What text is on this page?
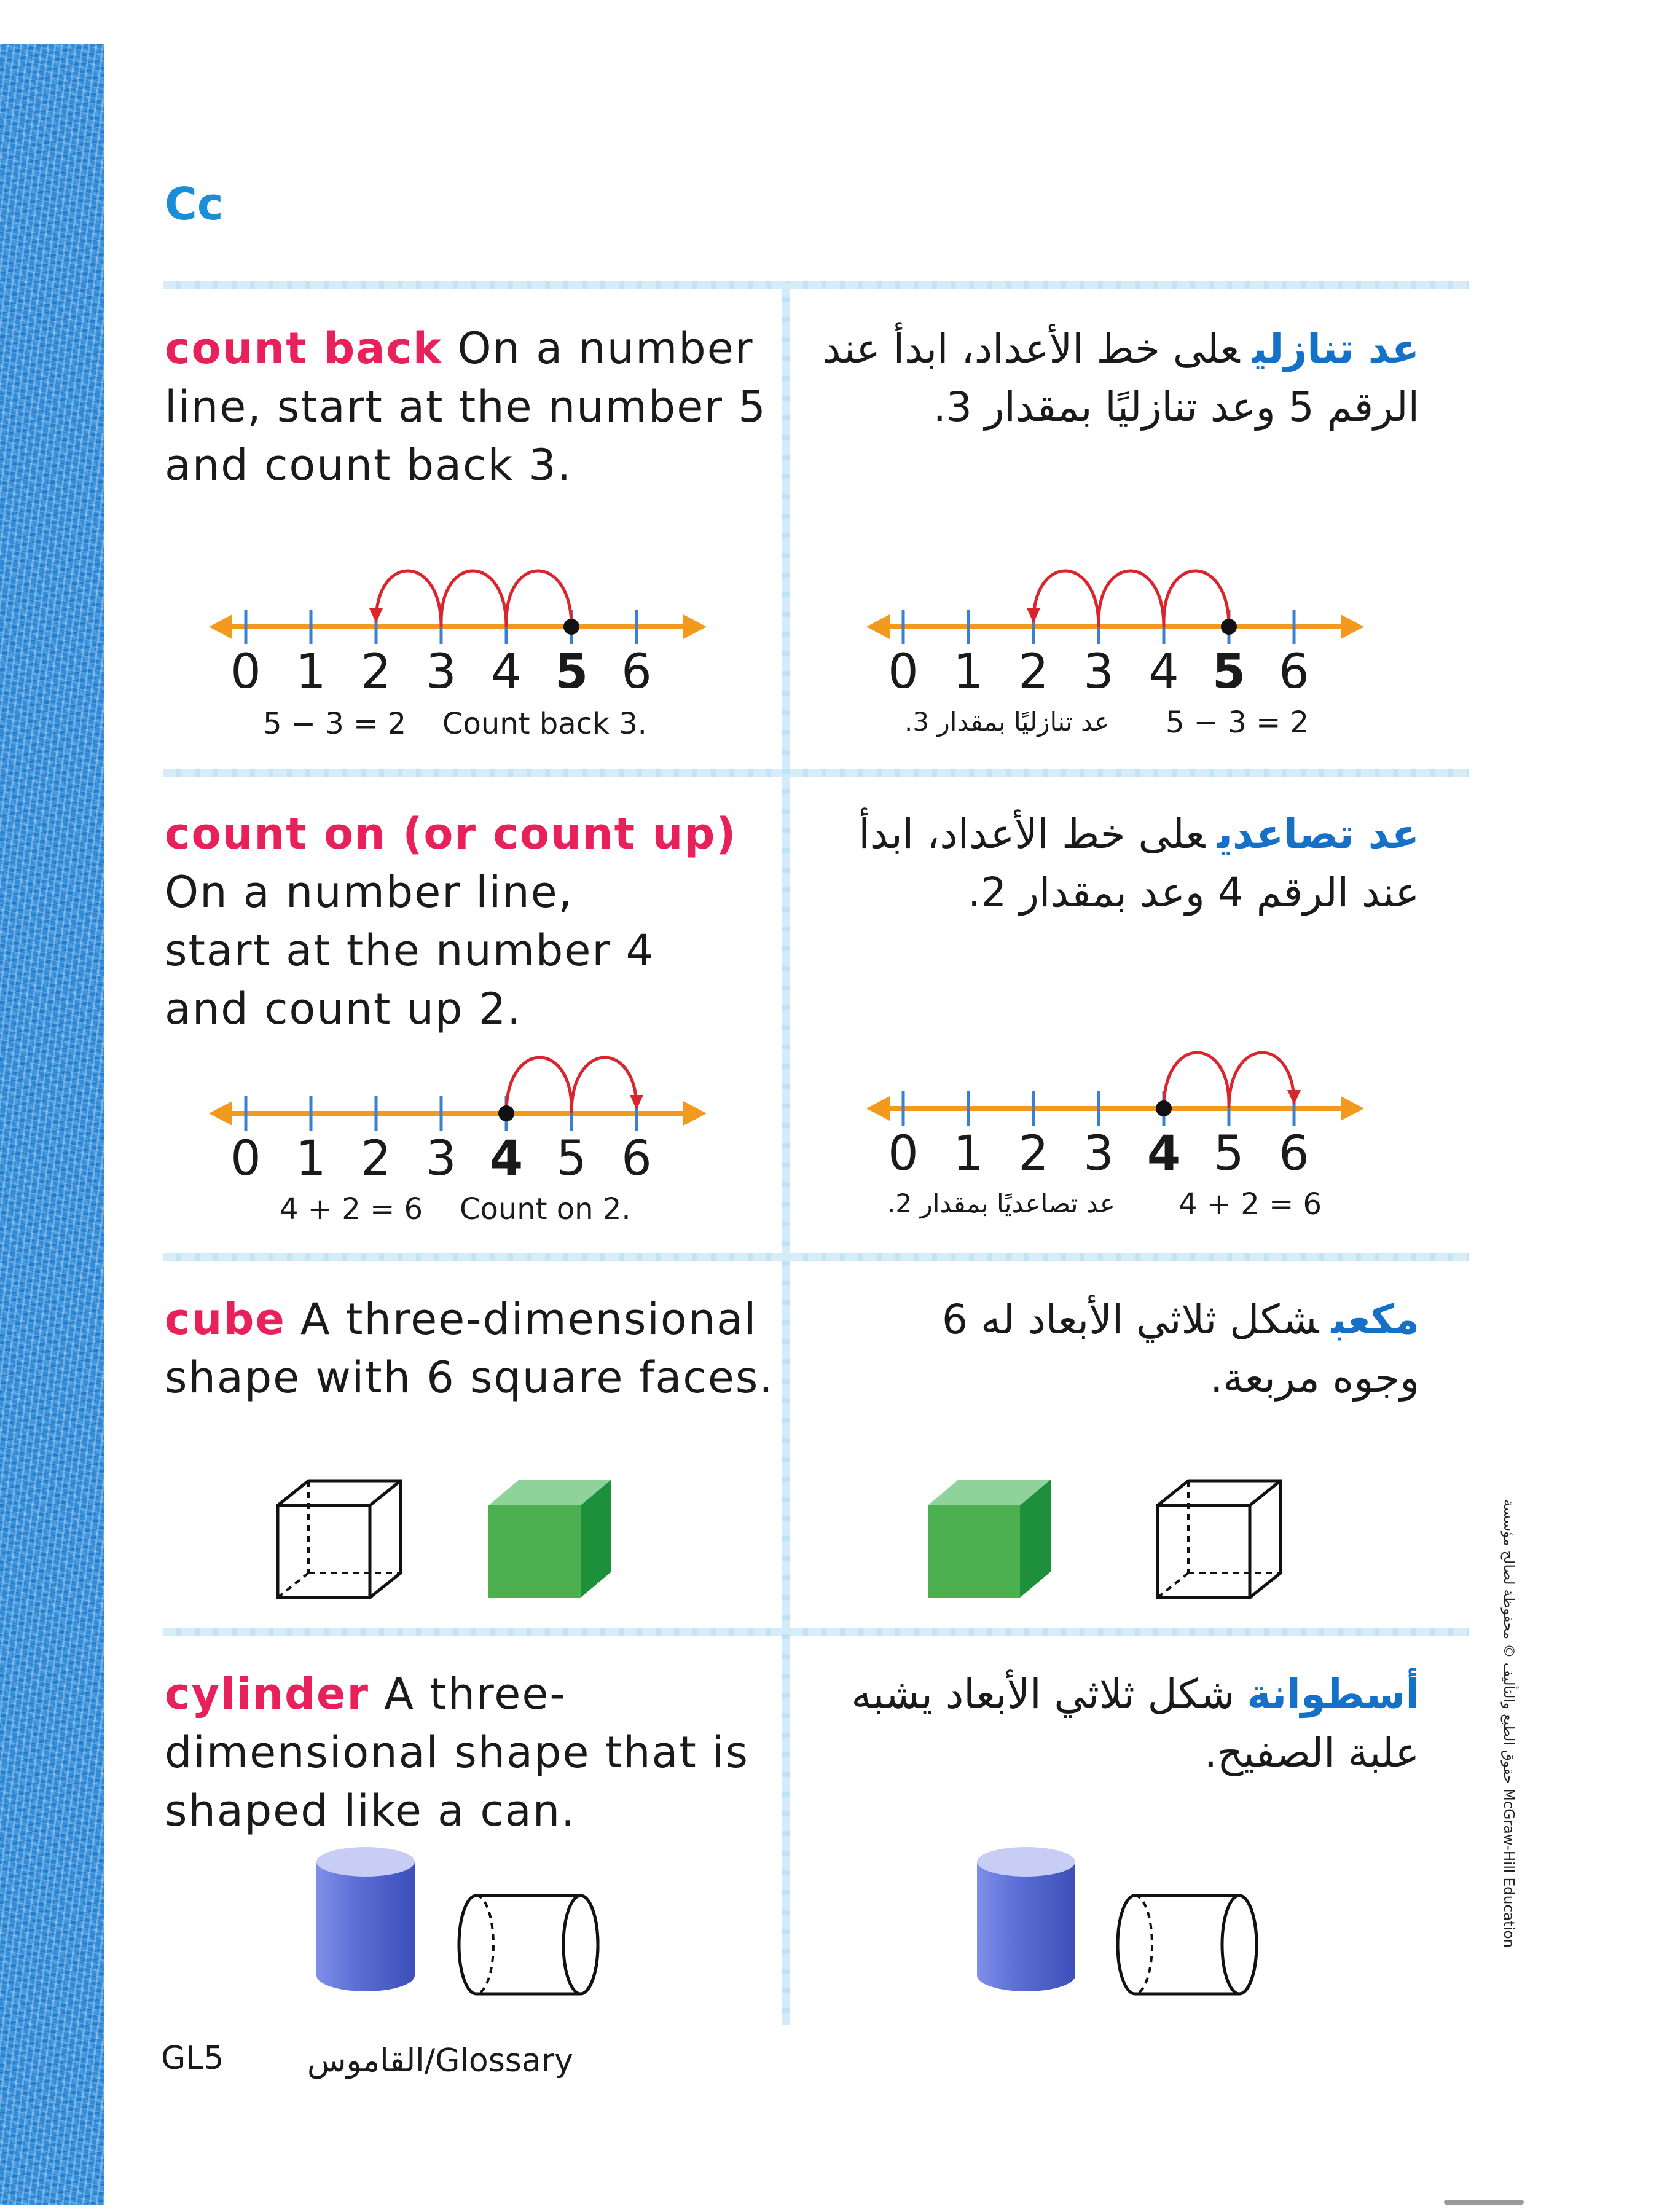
Cc
count back On a number line, start at the number 5 and count back 3.
عد تنازليعلى خط الأعداد، ابدأ عند الرقم 5 وعد تنازليًا بمقدار 3.
0 1 2 3 4 5 6
5 − 3 = 2 Count back 3.
0 1 2 3 4 5 6
5 − 3 = 2
عد تنازليًا بمقدار 3.
count on (or count up)
On a number line, start at the number 4 and count up 2.
عد تصاعديعلى خط الأعداد، ابدأ عند الرقم 4 وعد بمقدار 2.
0 1 2 3 4 5 6
4 + 2 = 6 Count on 2.
0 1 2 3 4 5 6
4 + 2 = 6
عد تصاعديًا بمقدار 2.
cube A three-dimensional shape with 6 square faces.
مكعبشكل ثلاثي الأبعاد له 6 وجوه مربعة.
cylinder A three-dimensional shape that is shaped like a can.
أسطوانةشكل ثلاثي الأبعاد يشبه علبة الصفيح.
GL5	القاموس/Glossary
حقوق الطبع والتأليف © محفوظة لصالح مؤسسة McGraw-Hill Education
